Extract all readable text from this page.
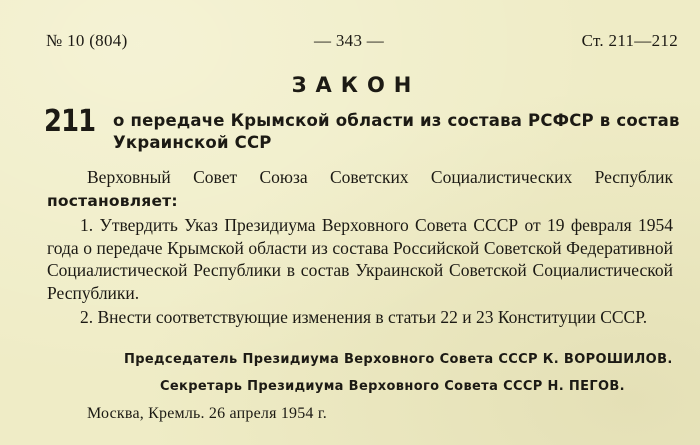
№ 10 (804)	— 343 —	Ст. 211—212
ЗАКОН
211 о передаче Крымской области из состава РСФСР в состав Украинской ССР
Верховный Совет Союза Советских Социалистических Республик постановляет:
1. Утвердить Указ Президиума Верховного Совета СССР от 19 февраля 1954 года о передаче Крымской области из состава Российской Советской Федеративной Социалистической Республики в состав Украинской Советской Социалистической Республики.
2. Внести соответствующие изменения в статьи 22 и 23 Конституции СССР.
Председатель Президиума Верховного Совета СССР К. ВОРОШИЛОВ.
Секретарь Президиума Верховного Совета СССР Н. ПЕГОВ.
Москва, Кремль. 26 апреля 1954 г.
